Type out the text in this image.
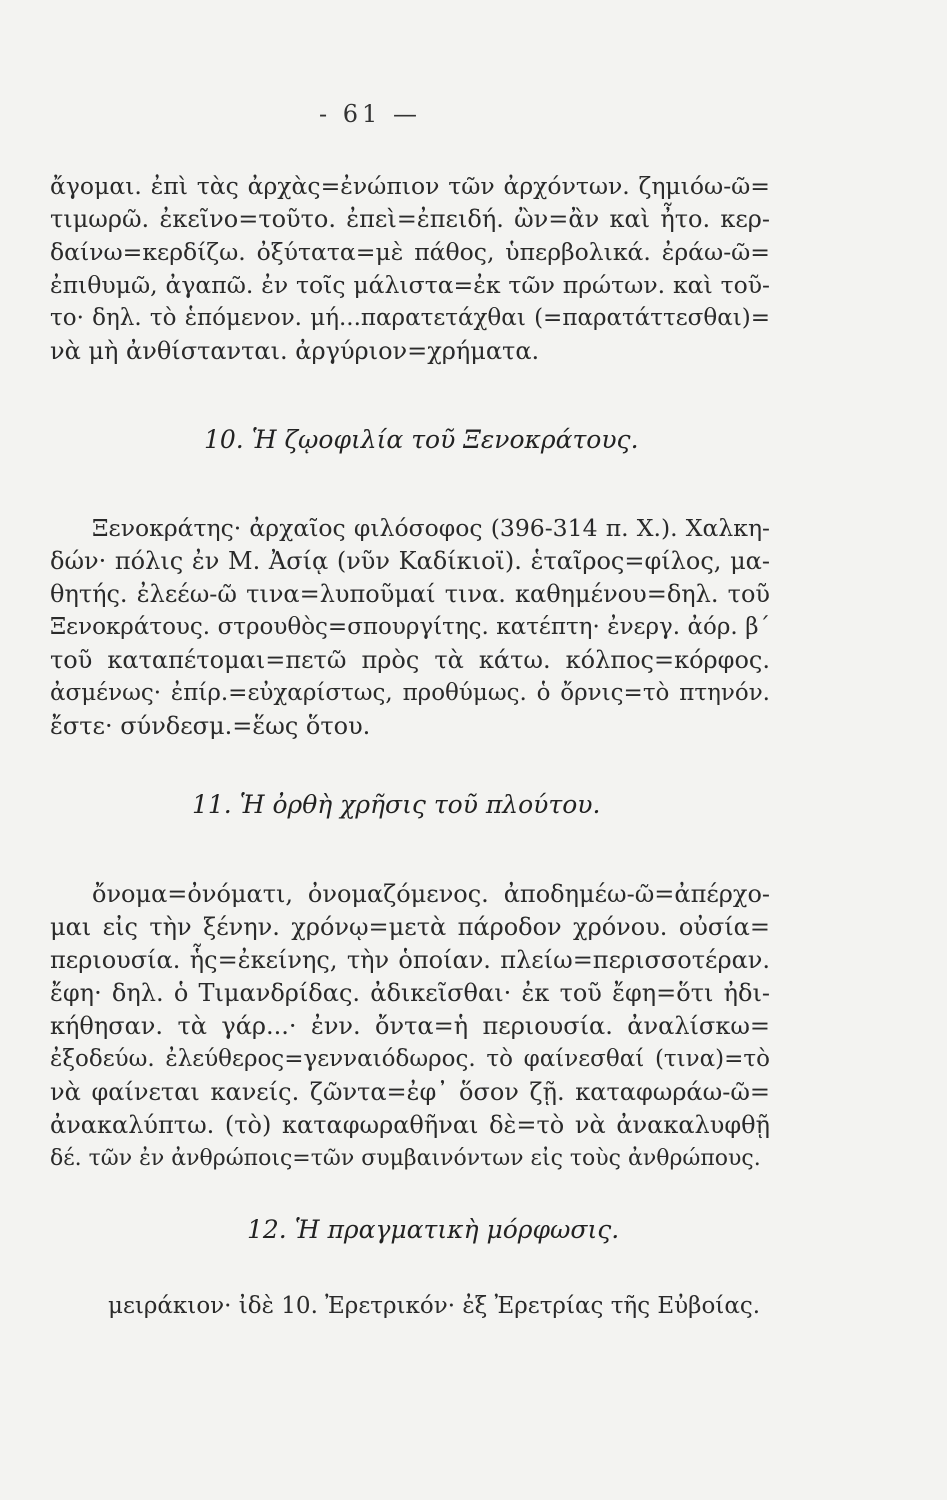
- 61 —
ἄγομαι. ἐπὶ τὰς ἀρχὰς=ἐνώπιον τῶν ἀρχόντων. ζημιόω-ῶ=
τιμωρῶ. ἐκεῖνο=τοῦτο. ἐπεὶ=ἐπειδή. ὢν=ἂν καὶ ἦτο. κερ-
δαίνω=κερδίζω. ὀξύτατα=μὲ πάθος, ὑπερβολικά. ἐράω-ῶ=
ἐπιθυμῶ, ἀγαπῶ. ἐν τοῖς μάλιστα=ἐκ τῶν πρώτων. καὶ τοῦ-
το· δηλ. τὸ ἑπόμενον. μή...παρατετάχθαι (=παρατάττεσθαι)=
νὰ μὴ ἀνθίστανται. ἀργύριον=χρήματα.
10. Ἡ ζῳοφιλία τοῦ Ξενοκράτους.
Ξενοκράτης· ἀρχαῖος φιλόσοφος (396-314 π. Χ.). Χαλκη-
δών· πόλις ἐν Μ. Ἀσίᾳ (νῦν Καδίκιοϊ). ἑταῖρος=φίλος, μα-
θητής. ἐλεέω-ῶ τινα=λυποῦμαί τινα. καθημένου=δηλ. τοῦ
Ξενοκράτους. στρουθὸς=σπουργίτης. κατέπτη· ἐνεργ. ἀόρ. β΄
τοῦ καταπέτομαι=πετῶ πρὸς τὰ κάτω. κόλπος=κόρφος.
ἀσμένως· ἐπίρ.=εὐχαρίστως, προθύμως. ὁ ὄρνις=τὸ πτηνόν.
ἔστε· σύνδεσμ.=ἕως ὅτου.
11. Ἡ ὀρθὴ χρῆσις τοῦ πλούτου.
ὄνομα=ὀνόματι, ὀνομαζόμενος. ἀποδημέω-ῶ=ἀπέρχο-
μαι εἰς τὴν ξένην. χρόνῳ=μετὰ πάροδον χρόνου. οὐσία=
περιουσία. ἧς=ἐκείνης, τὴν ὁποίαν. πλείω=περισσοτέραν.
ἔφη· δηλ. ὁ Τιμανδρίδας. ἀδικεῖσθαι· ἐκ τοῦ ἔφη=ὅτι ἠδι-
κήθησαν. τὰ γάρ...· ἐνν. ὄντα=ἡ περιουσία. ἀναλίσκω=
ἐξοδεύω. ἐλεύθερος=γενναιόδωρος. τὸ φαίνεσθαί (τινα)=τὸ
νὰ φαίνεται κανείς. ζῶντα=ἐφ᾽ ὅσον ζῇ. καταφωράω-ῶ=
ἀνακαλύπτω. (τὸ) καταφωραθῆναι δὲ=τὸ νὰ ἀνακαλυφθῇ
δέ. τῶν ἐν ἀνθρώποις=τῶν συμβαινόντων εἰς τοὺς ἀνθρώπους.
12. Ἡ πραγματικὴ μόρφωσις.
μειράκιον· ἰδὲ 10. Ἐρετρικόν· ἐξ Ἐρετρίας τῆς Εὐβοίας.
